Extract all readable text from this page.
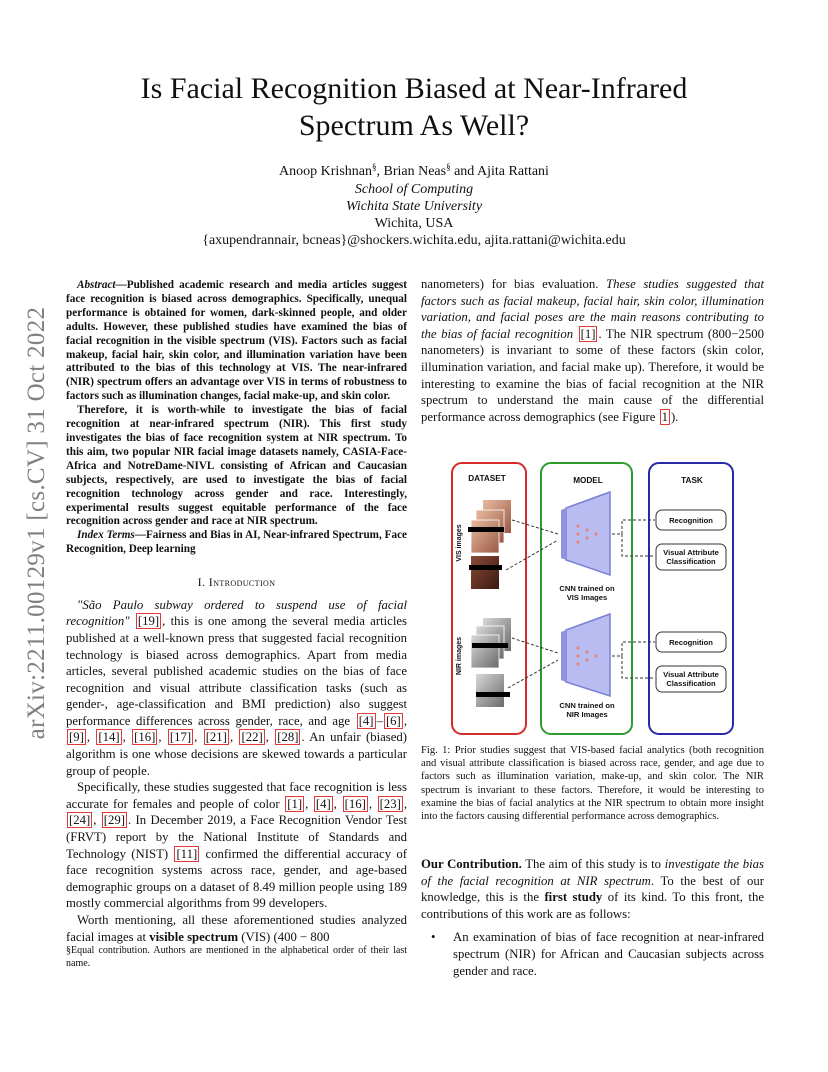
arXiv:2211.00129v1 [cs.CV] 31 Oct 2022
Is Facial Recognition Biased at Near-Infrared
Spectrum As Well?
Anoop Krishnan§, Brian Neas§ and Ajita Rattani
School of Computing
Wichita State University
Wichita, USA
{axupendrannair, bcneas}@shockers.wichita.edu, ajita.rattani@wichita.edu

Abstract—Published academic research and media articles suggest face recognition is biased across demographics. Specifically, unequal performance is obtained for women, dark-skinned people, and older adults. However, these published studies have examined the bias of facial recognition in the visible spectrum (VIS). Factors such as facial makeup, facial hair, skin color, and illumination variation have been attributed to the bias of this technology at VIS. The near-infrared (NIR) spectrum offers an advantage over VIS in terms of robustness to factors such as illumination changes, facial make-up, and skin color.

Therefore, it is worth-while to investigate the bias of facial recognition at near-infrared spectrum (NIR). This first study investigates the bias of face recognition system at NIR spectrum. To this aim, two popular NIR facial image datasets namely, CASIA-Face-Africa and NotreDame-NIVL consisting of African and Caucasian subjects, respectively, are used to investigate the bias of facial recognition technology across gender and race. Interestingly, experimental results suggest equitable performance of the face recognition across gender and race at NIR spectrum.

Index Terms—Fairness and Bias in AI, Near-infrared Spectrum, Face Recognition, Deep learning

I. Introduction

"São Paulo subway ordered to suspend use of facial recognition" [19] , this is one among the several media articles published at a well-known press that suggested facial recognition technology is biased across demographics. Apart from media articles, several published academic studies on the bias of face recognition and visual attribute classification tasks (such as gender-, age-classification and BMI prediction) also suggest performance differences across gender, race, and age [4] – [6] , [9] , [14] , [16] , [17] , [21] , [22] , [28] . An unfair (biased) algorithm is one whose decisions are skewed towards a particular group of people.

Specifically, these studies suggested that face recognition is less accurate for females and people of color [1] , [4] , [16] , [23] , [24] , [29] . In December 2019, a Face Recognition Vendor Test (FRVT) report by the National Institute of Standards and Technology (NIST) [11] confirmed the differential accuracy of face recognition systems across race, gender, and age-based demographic groups on a dataset of 8.49 million people using 189 mostly commercial algorithms from 99 developers.

Worth mentioning, all these aforementioned studies analyzed facial images at visible spectrum (VIS) (400 − 800

§Equal contribution. Authors are mentioned in the alphabetical order of their last name.

nanometers) for bias evaluation. These studies suggested that factors such as facial makeup, facial hair, skin color, illumination variation, and facial poses are the main reasons contributing to the bias of facial recognition [1] . The NIR spectrum (800−2500 nanometers) is invariant to some of these factors (skin color, illumination variation, and facial make up). Therefore, it would be interesting to examine the bias of facial recognition at the NIR spectrum to understand the main cause of the differential performance across demographics (see Figure 1 ).

DATASET	MODEL	TASK
VIS images
NIR images
CNN trained on
VIS Images
CNN trained on
NIR Images
Recognition
Visual Attribute
Classification
Recognition
Visual Attribute
Classification
Fig. 1: Prior studies suggest that VIS-based facial analytics (both recognition and visual attribute classification is biased across race, gender, and age due to factors such as illumination variation, make-up, and skin color. The NIR spectrum is invariant to these factors. Therefore, it would be interesting to examine the bias of facial analytics at the NIR spectrum to obtain more insight into the factors causing differential performance across demographics.

Our Contribution. The aim of this study is to investigate the bias of the facial recognition at NIR spectrum. To the best of our knowledge, this is the first study of its kind. To this front, the contributions of this work are as follows:

•	An examination of bias of face recognition at near-infrared spectrum (NIR) for African and Caucasian subjects across gender and race.
